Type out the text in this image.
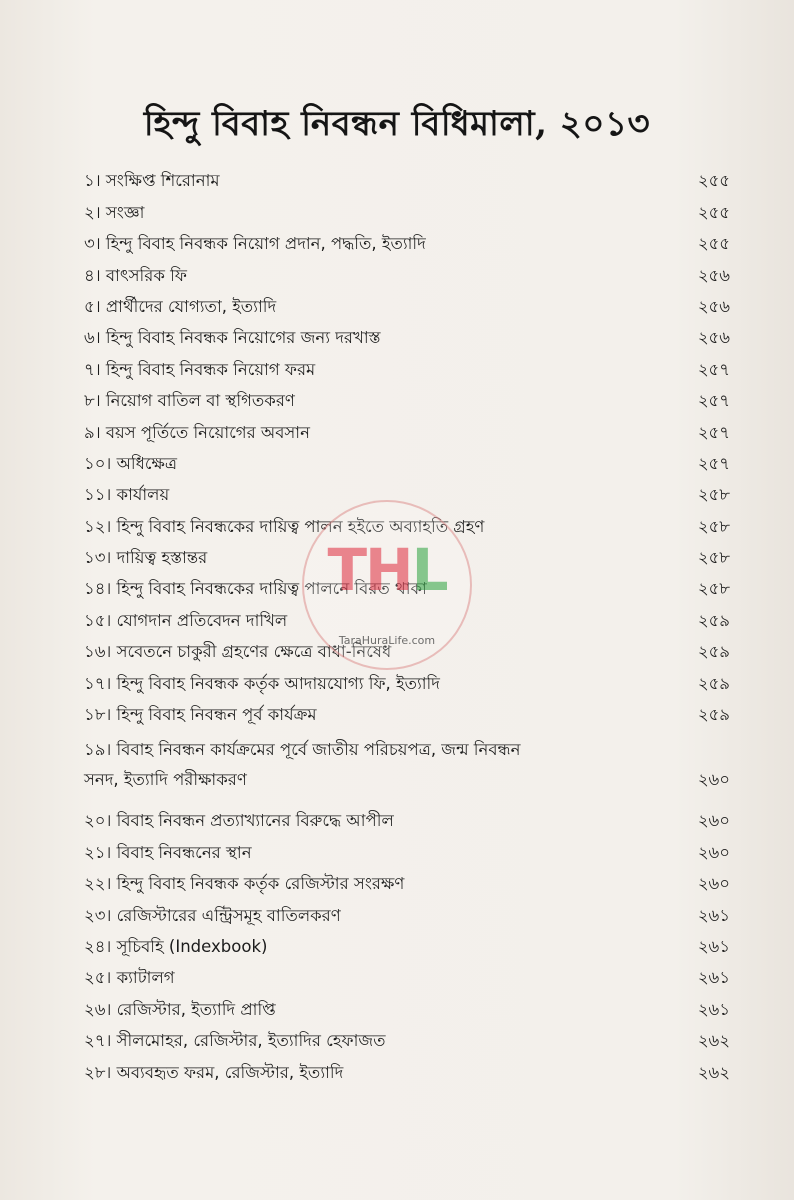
হিন্দু বিবাহ নিবন্ধন বিধিমালা, ২০১৩
১। সংক্ষিপ্ত শিরোনাম	২৫৫
২। সংজ্ঞা	২৫৫
৩। হিন্দু বিবাহ নিবন্ধক নিয়োগ প্রদান, পদ্ধতি, ইত্যাদি	২৫৫
৪। বাৎসরিক ফি	২৫৬
৫। প্রার্থীদের যোগ্যতা, ইত্যাদি	২৫৬
৬। হিন্দু বিবাহ নিবন্ধক নিয়োগের জন্য দরখাস্ত	২৫৬
৭। হিন্দু বিবাহ নিবন্ধক নিয়োগ ফরম	২৫৭
৮। নিয়োগ বাতিল বা স্থগিতকরণ	২৫৭
৯। বয়স পূর্তিতে নিয়োগের অবসান	২৫৭
১০। অধিক্ষেত্র	২৫৭
১১। কার্যালয়	২৫৮
১২। হিন্দু বিবাহ নিবন্ধকের দায়িত্ব পালন হইতে অব্যাহতি গ্রহণ	২৫৮
১৩। দায়িত্ব হস্তান্তর	২৫৮
১৪। হিন্দু বিবাহ নিবন্ধকের দায়িত্ব পালনে বিরত থাকা	২৫৮
১৫। যোগদান প্রতিবেদন দাখিল	২৫৯
১৬। সবেতনে চাকুরী গ্রহণের ক্ষেত্রে বাধা-নিষেধ	২৫৯
১৭। হিন্দু বিবাহ নিবন্ধক কর্তৃক আদায়যোগ্য ফি, ইত্যাদি	২৫৯
১৮। হিন্দু বিবাহ নিবন্ধন পূর্ব কার্যক্রম	২৫৯
১৯। বিবাহ নিবন্ধন কার্যক্রমের পূর্বে জাতীয় পরিচয়পত্র, জন্ম নিবন্ধন
সনদ, ইত্যাদি পরীক্ষাকরণ	২৬০
২০। বিবাহ নিবন্ধন প্রত্যাখ্যানের বিরুদ্ধে আপীল	২৬০
২১। বিবাহ নিবন্ধনের স্থান	২৬০
২২। হিন্দু বিবাহ নিবন্ধক কর্তৃক রেজিস্টার সংরক্ষণ	২৬০
২৩। রেজিস্টারের এন্ট্রিসমূহ বাতিলকরণ	২৬১
২৪। সূচিবহি (Indexbook)	২৬১
২৫। ক্যাটালগ	২৬১
২৬। রেজিস্টার, ইত্যাদি প্রাপ্তি	২৬১
২৭। সীলমোহর, রেজিস্টার, ইত্যাদির হেফাজত	২৬২
২৮। অব্যবহৃত ফরম, রেজিস্টার, ইত্যাদি	২৬২
THL
TaraHuraLife.com
